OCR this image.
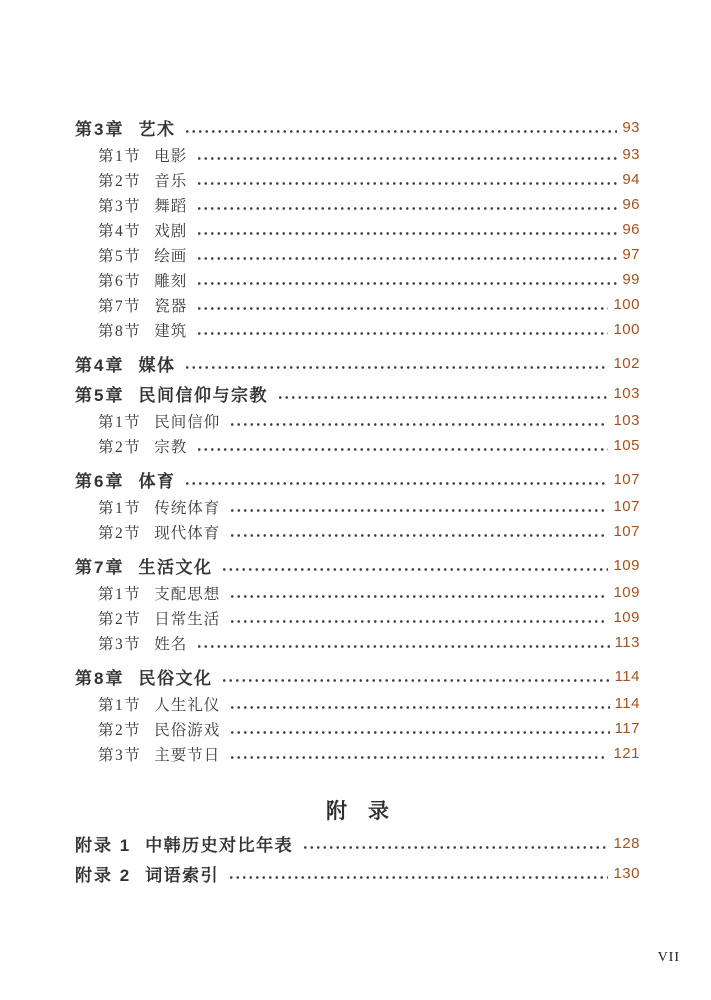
第3章 艺术	93
第1节 电影	93
第2节 音乐	94
第3节 舞蹈	96
第4节 戏剧	96
第5节 绘画	97
第6节 雕刻	99
第7节 瓷器	100
第8节 建筑	100
第4章 媒体	102
第5章 民间信仰与宗教	103
第1节 民间信仰	103
第2节 宗教	105
第6章 体育	107
第1节 传统体育	107
第2节 现代体育	107
第7章 生活文化	109
第1节 支配思想	109
第2节 日常生活	109
第3节 姓名	113
第8章 民俗文化	114
第1节 人生礼仪	114
第2节 民俗游戏	117
第3节 主要节日	121
附　录
附录 1 中韩历史对比年表	128
附录 2 词语索引	130
VII
